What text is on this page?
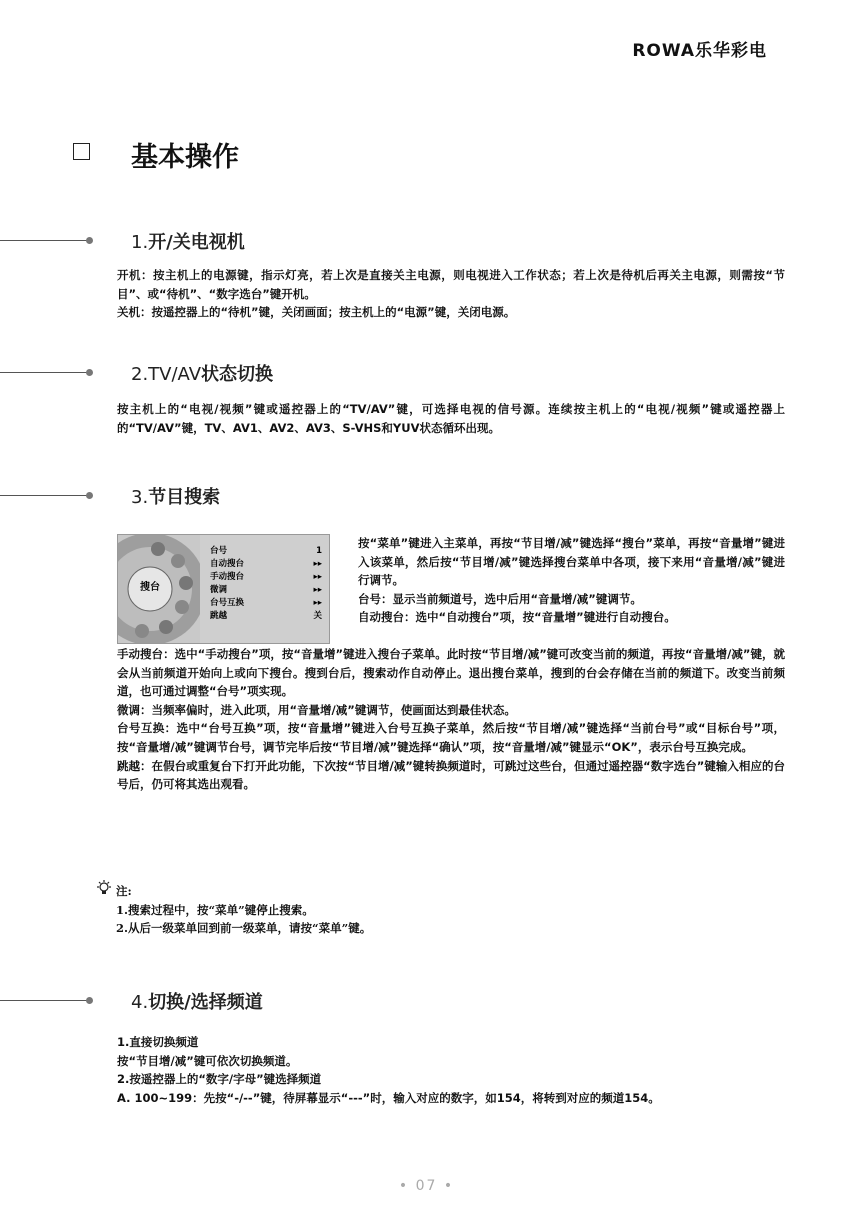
ROWA乐华彩电
基本操作
1.开/关电视机

开机：按主机上的电源键，指示灯亮，若上次是直接关主电源，则电视进入工作状态；若上次是待机后再关主电源，则需按“节目”、或“待机”、“数字选台”键开机。

关机：按遥控器上的“待机”键，关闭画面；按主机上的“电源”键，关闭电源。

2.TV/AV状态切换

按主机上的“电视/视频”键或遥控器上的“TV/AV”键，可选择电视的信号源。连续按主机上的“电视/视频”键或遥控器上的“TV/AV”键，TV、AV1、AV2、AV3、S-VHS和YUV状态循环出现。

3.节目搜索
搜台
台号	1
自动搜台	▸▸
手动搜台	▸▸
微调	▸▸
台号互换	▸▸
跳越	关

按“菜单”键进入主菜单，再按“节目增/减”键选择“搜台”菜单，再按“音量增”键进入该菜单，然后按“节目增/减”键选择搜台菜单中各项，接下来用“音量增/减”键进行调节。

台号：显示当前频道号，选中后用“音量增/减”键调节。

自动搜台：选中“自动搜台”项，按“音量增”键进行自动搜台。

手动搜台：选中“手动搜台”项，按“音量增”键进入搜台子菜单。此时按“节目增/减”键可改变当前的频道，再按“音量增/减”键，就会从当前频道开始向上或向下搜台。搜到台后，搜索动作自动停止。退出搜台菜单，搜到的台会存储在当前的频道下。改变当前频道，也可通过调整“台号”项实现。

微调：当频率偏时，进入此项，用“音量增/减”键调节，使画面达到最佳状态。

台号互换：选中“台号互换”项，按“音量增”键进入台号互换子菜单，然后按“节目增/减”键选择“当前台号”或“目标台号”项，按“音量增/减”键调节台号，调节完毕后按“节目增/减”键选择“确认”项，按“音量增/减”键显示“OK”，表示台号互换完成。

跳越：在假台或重复台下打开此功能，下次按“节目增/减”键转换频道时，可跳过这些台，但通过遥控器“数字选台”键输入相应的台号后，仍可将其选出观看。

注:

1.搜索过程中，按“菜单”键停止搜索。

2.从后一级菜单回到前一级菜单，请按“菜单”键。

4.切换/选择频道

1.直接切换频道

按“节目增/减”键可依次切换频道。

2.按遥控器上的“数字/字母”键选择频道

A. 100~199：先按“-/--”键，待屏幕显示“---”时，输入对应的数字，如154，将转到对应的频道154。

• 07 •
